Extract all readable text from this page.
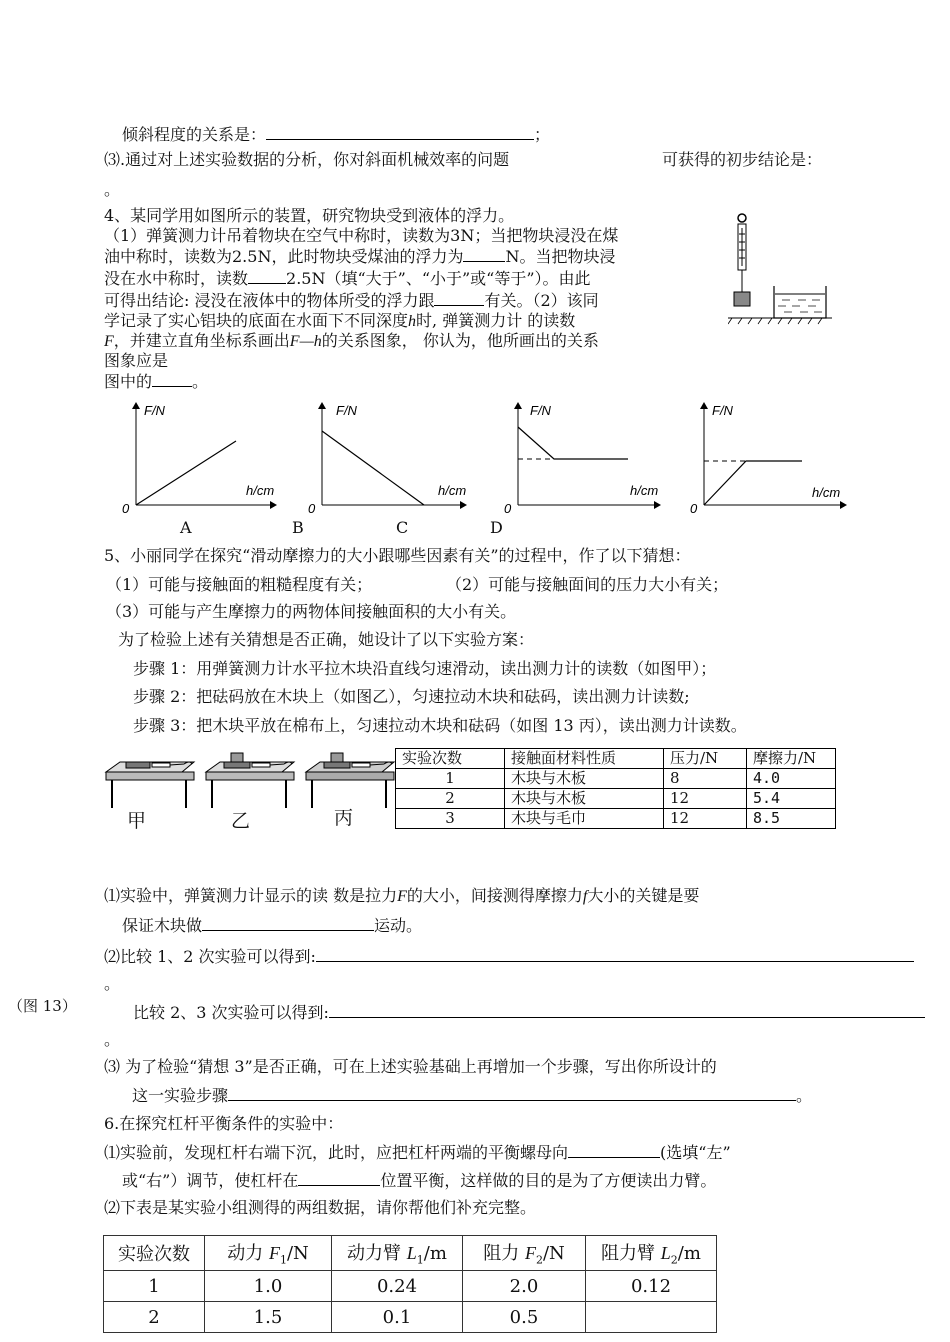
倾斜程度的关系是：	；
⑶.通过对上述实验数据的分析，你对斜面机械效率的问题	可获得的初步结论是：
。
4、某同学用如图所示的装置，研究物块受到液体的浮力。
（1）弹簧测力计吊着物块在空气中称时，读数为3N；当把物块浸没在煤
油中称时，读数为2.5N，此时物块受煤油的浮力为	N。当把物块浸
没在水中称时，读数 2.5N（填“大于”、“小于”或“等于”）。由此
可得出结论: 浸没在液体中的物体所受的浮力跟	有关。（2）该同
学记录了实心铝块的底面在水面下不同深度h时, 弹簧测力计 的读数
F，并建立直角坐标系画出F—h的关系图象， 你认为，他所画出的关系
图象应是
图中的	。
F/N
h/cm
0
F/N
h/cm
0
F/N
h/cm
0
F/N
h/cm
0
A	B	C	D
5、小丽同学在探究“滑动摩擦力的大小跟哪些因素有关”的过程中，作了以下猜想：
（1）可能与接触面的粗糙程度有关；	（2）可能与接触面间的压力大小有关；
（3）可能与产生摩擦力的两物体间接触面积的大小有关。
为了检验上述有关猜想是否正确，她设计了以下实验方案：
步骤 1：用弹簧测力计水平拉木块沿直线匀速滑动，读出测力计的读数（如图甲）；
步骤 2：把砝码放在木块上（如图乙），匀速拉动木块和砝码，读出测力计读数;
步骤 3：把木块平放在棉布上，匀速拉动木块和砝码（如图 13 丙），读出测力计读数。
甲	乙	丙
实验次数	接触面材料性质	压力/N	摩擦力/N
1	木块与木板	8	4.0
2	木块与木板	12	5.4
3	木块与毛巾	12	8.5
⑴实验中，弹簧测力计显示的读 数是拉力F的大小，间接测得摩擦力f大小的关键是要
保证木块做	运动。
⑵比较 1、2 次实验可以得到:
。
（图 13）	比较 2、3 次实验可以得到:
。
⑶ 为了检验“猜想 3”是否正确，可在上述实验基础上再增加一个步骤，写出你所设计的
这一实验步骤	。
6.在探究杠杆平衡条件的实验中：
⑴实验前，发现杠杆右端下沉，此时，应把杠杆两端的平衡螺母向	(选填“左”
或“右”）调节，使杠杆在	位置平衡，这样做的目的是为了方便读出力臂。
⑵下表是某实验小组测得的两组数据，请你帮他们补充完整。
实验次数	动力 $F_1/N$	动力臂 $L_1/m$	阻力 $F_2/N$	阻力臂 $L_2/m$
1	1.0	0.24	2.0	0.12
2	1.5	0.1	0.5	
